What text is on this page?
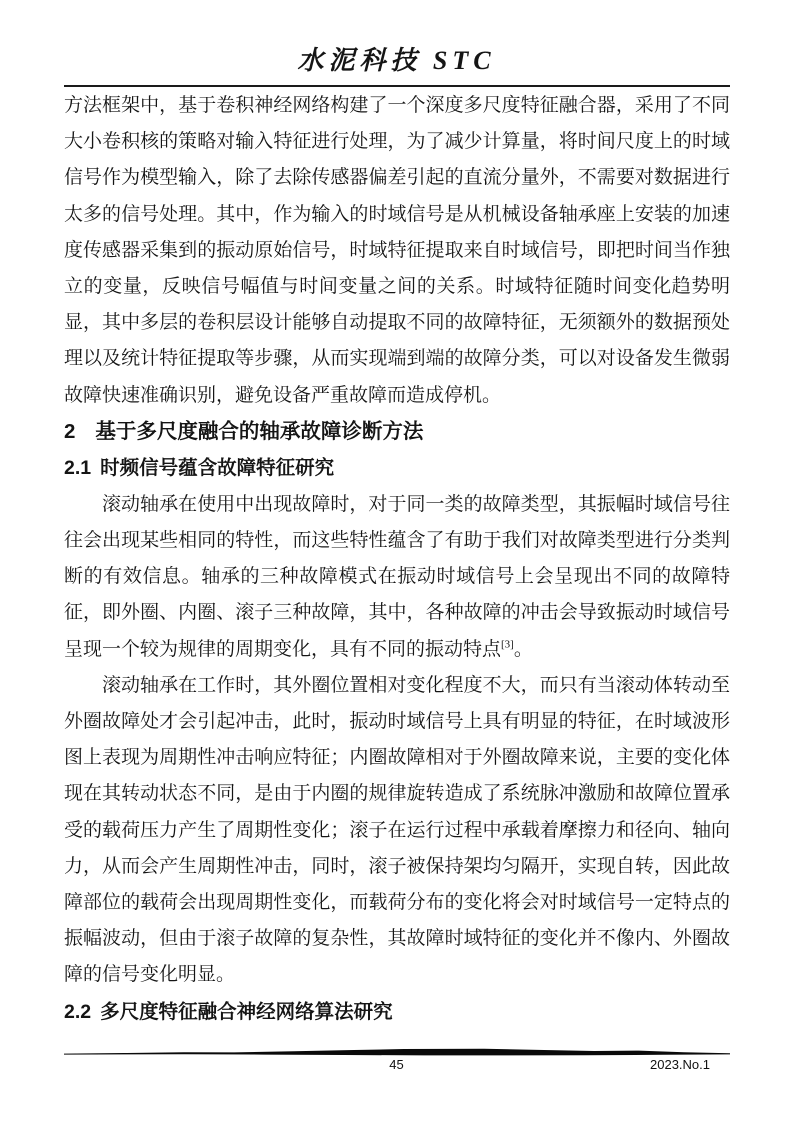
水泥科技 STC

方法框架中，基于卷积神经网络构建了一个深度多尺度特征融合器，采用了不同大小卷积核的策略对输入特征进行处理，为了减少计算量，将时间尺度上的时域信号作为模型输入，除了去除传感器偏差引起的直流分量外，不需要对数据进行太多的信号处理。其中，作为输入的时域信号是从机械设备轴承座上安装的加速度传感器采集到的振动原始信号，时域特征提取来自时域信号，即把时间当作独立的变量，反映信号幅值与时间变量之间的关系。时域特征随时间变化趋势明显，其中多层的卷积层设计能够自动提取不同的故障特征，无须额外的数据预处理以及统计特征提取等步骤，从而实现端到端的故障分类，可以对设备发生微弱故障快速准确识别，避免设备严重故障而造成停机。

2 基于多尺度融合的轴承故障诊断方法

2.1 时频信号蕴含故障特征研究

滚动轴承在使用中出现故障时，对于同一类的故障类型，其振幅时域信号往往会出现某些相同的特性，而这些特性蕴含了有助于我们对故障类型进行分类判断的有效信息。轴承的三种故障模式在振动时域信号上会呈现出不同的故障特征，即外圈、内圈、滚子三种故障，其中，各种故障的冲击会导致振动时域信号呈现一个较为规律的周期变化，具有不同的振动特点[3]。

滚动轴承在工作时，其外圈位置相对变化程度不大，而只有当滚动体转动至外圈故障处才会引起冲击，此时，振动时域信号上具有明显的特征，在时域波形图上表现为周期性冲击响应特征；内圈故障相对于外圈故障来说，主要的变化体现在其转动状态不同，是由于内圈的规律旋转造成了系统脉冲激励和故障位置承受的载荷压力产生了周期性变化；滚子在运行过程中承载着摩擦力和径向、轴向力，从而会产生周期性冲击，同时，滚子被保持架均匀隔开，实现自转，因此故障部位的载荷会出现周期性变化，而载荷分布的变化将会对时域信号一定特点的振幅波动，但由于滚子故障的复杂性，其故障时域特征的变化并不像内、外圈故障的信号变化明显。

2.2 多尺度特征融合神经网络算法研究

45	2023.No.1
